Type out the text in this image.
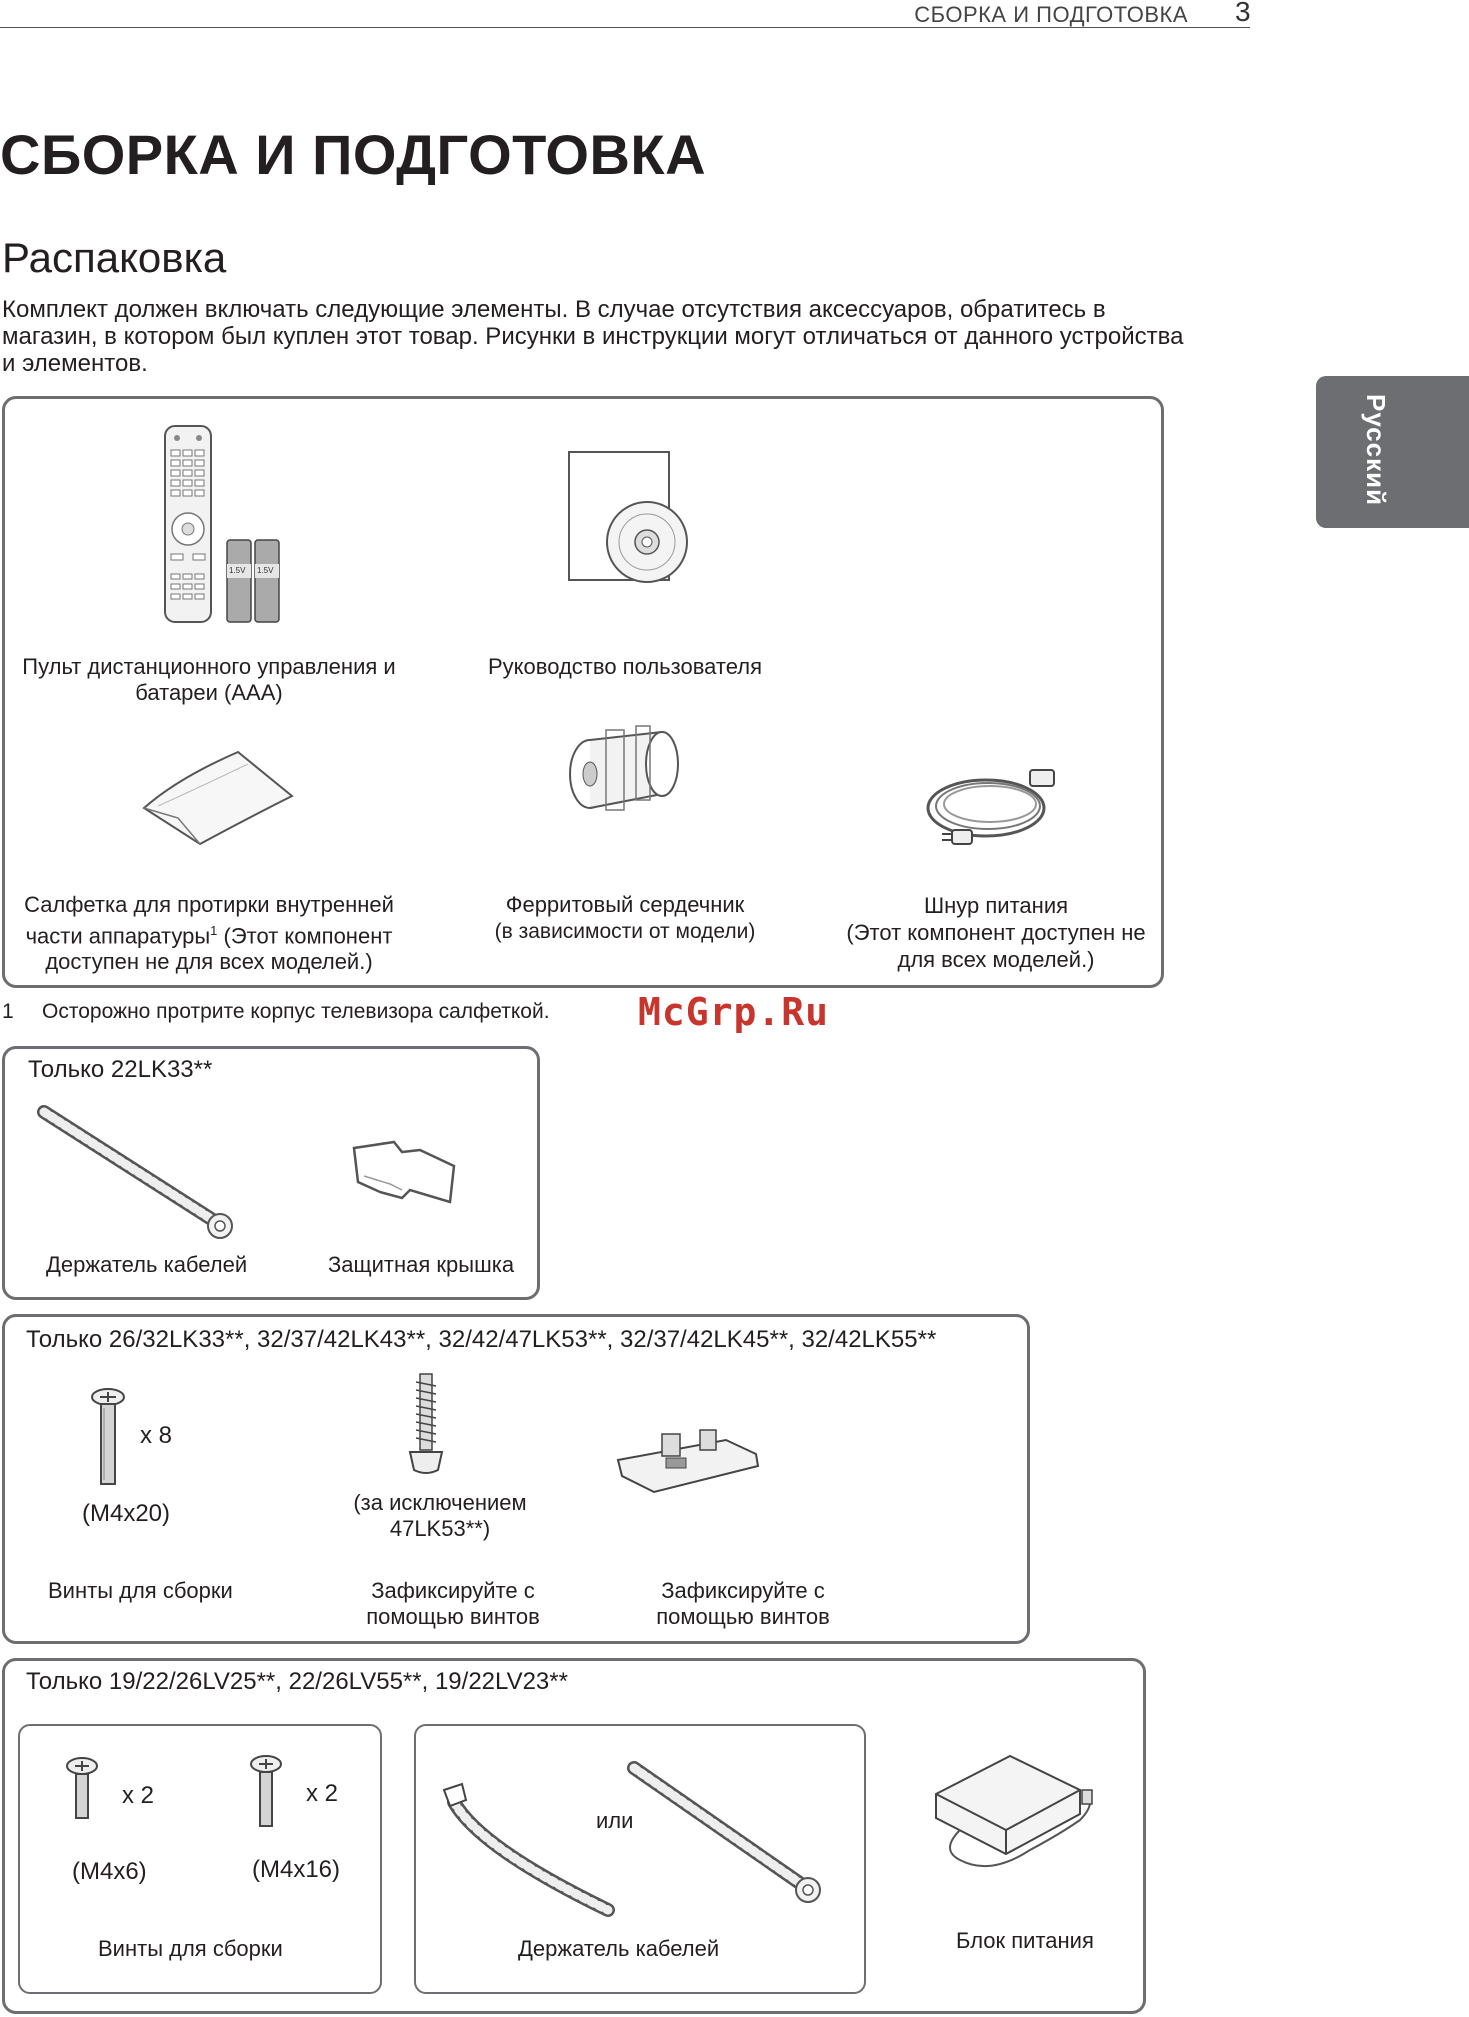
СБОРКА И ПОДГОТОВКА 3
Русский
СБОРКА И ПОДГОТОВКА
Распаковка
Комплект должен включать следующие элементы. В случае отсутствия аксессуаров, обратитесь в магазин, в котором был куплен этот товар. Рисунки в инструкции могут отличаться от данного устройства и элементов.
1.5V 1.5V
Пульт дистанционного управления и
батареи (AAA)
Руководство пользователя
Салфетка для протирки внутренней
части аппаратуры$^1$ (Этот компонент
доступен не для всех моделей.)
Ферритовый сердечник
(в зависимости от модели)
Шнур питания
(Этот компонент доступен не
для всех моделей.)
1 Осторожно протрите корпус телевизора салфеткой. McGrp.Ru
Только 22LK33**
Держатель кабелей	Защитная крышка
Только 26/32LK33**, 32/37/42LK43**, 32/42/47LK53**, 32/37/42LK45**, 32/42LK55**
x 8
(M4x20)
Винты для сборки
(за исключением
47LK53**)
Зафиксируйте с
помощью винтов
Зафиксируйте с
помощью винтов
Только 19/22/26LV25**, 22/26LV55**, 19/22LV23**
x 2
(M4x6)
x 2
(M4x16)
Винты для сборки
или
Держатель кабелей	Блок питания
